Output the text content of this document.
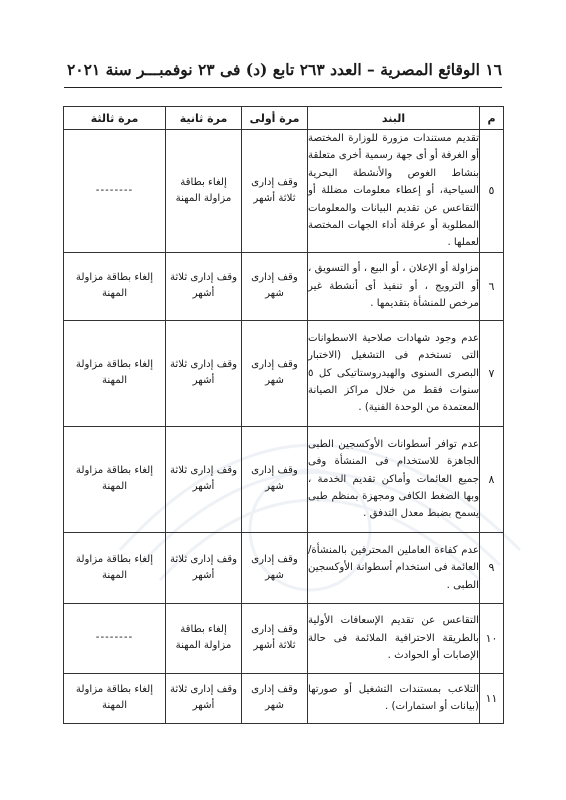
١٦ الوقائع المصرية – العدد ٢٦٣ تابع (د) فى ٢٣ نوفمبـــر سنة ٢٠٢١
م	البند	مرة أولى	مرة ثانية	مرة ثالثة
٥	تقديم مستندات مزورة للوزارة المختصة أو الغرفة أو أى جهة رسمية أخرى متعلقة بنشاط الغوص والأنشطة البحرية السياحية، أو إعطاء معلومات مضللة أو التقاعس عن تقديم البيانات والمعلومات المطلوبة أو عرقلة أداء الجهات المختصة لعملها .	وقف إدارى ثلاثة أشهر	إلغاء بطاقة مزاولة المهنة	--------
٦	مزاولة أو الإعلان ، أو البيع ، أو التسويق ، أو الترويج ، أو تنفيذ أى أنشطة غير مرخص للمنشأة بتقديمها .	وقف إدارى شهر	وقف إدارى ثلاثة أشهر	إلغاء بطاقة مزاولة المهنة
٧	عدم وجود شهادات صلاحية الاسطوانات التى تستخدم فى التشغيل (الاختبار البصرى السنوى والهيدروستاتيكى كل ٥ سنوات فقط من خلال مراكز الصيانة المعتمدة من الوحدة الفنية) .	وقف إدارى شهر	وقف إدارى ثلاثة أشهر	إلغاء بطاقة مزاولة المهنة
٨	عدم توافر أسطوانات الأوكسجين الطبى الجاهزة للاستخدام فى المنشأة وفى جميع العائمات وأماكن تقديم الخدمة ، وبها الضغط الكافى ومجهزة بمنظم طبى يسمح بضبط معدل التدفق .	وقف إدارى شهر	وقف إدارى ثلاثة أشهر	إلغاء بطاقة مزاولة المهنة
٩	عدم كفاءة العاملين المحترفين بالمنشأة/ العائمة فى استخدام أسطوانة الأوكسجين الطبى .	وقف إدارى شهر	وقف إدارى ثلاثة أشهر	إلغاء بطاقة مزاولة المهنة
١٠	التقاعس عن تقديم الإسعافات الأولية بالطريقة الاحترافية الملائمة فى حالة الإصابات أو الحوادث .	وقف إدارى ثلاثة أشهر	إلغاء بطاقة مزاولة المهنة	--------
١١	التلاعب بمستندات التشغيل أو صورتها (بيانات أو استمارات) .	وقف إدارى شهر	وقف إدارى ثلاثة أشهر	إلغاء بطاقة مزاولة المهنة
